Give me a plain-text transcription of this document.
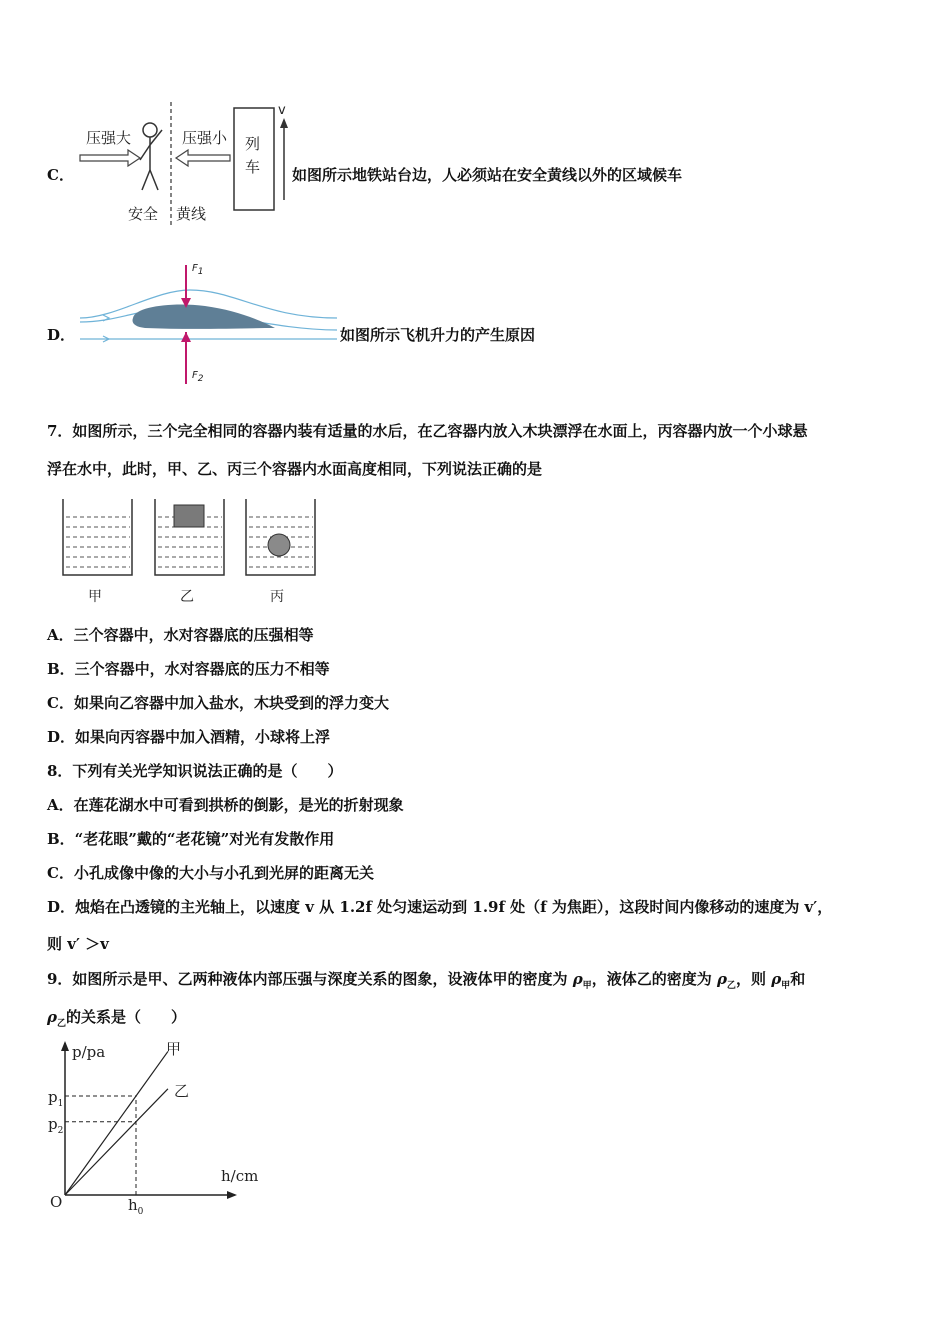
C．
压强大	压强小 列
车
v
安全 黄线
如图所示地铁站台边，人必须站在安全黄线以外的区域候车
D．
$F_1$
$F_2$
如图所示飞机升力的产生原因
7．如图所示，三个完全相同的容器内装有适量的水后，在乙容器内放入木块漂浮在水面上，丙容器内放一个小球悬
浮在水中，此时，甲、乙、丙三个容器内水面高度相同，下列说法正确的是
甲	乙	丙
A．三个容器中，水对容器底的压强相等
B．三个容器中，水对容器底的压力不相等
C．如果向乙容器中加入盐水，木块受到的浮力变大
D．如果向丙容器中加入酒精，小球将上浮
8．下列有关光学知识说法正确的是（　　）
A．在莲花湖水中可看到拱桥的倒影，是光的折射现象
B．“老花眼”戴的“老花镜”对光有发散作用
C．小孔成像中像的大小与小孔到光屏的距离无关
D．烛焰在凸透镜的主光轴上，以速度 v 从 1.2f 处匀速运动到 1.9f 处（f 为焦距），这段时间内像移动的速度为 v′，
则 v′ ＞v
9．如图所示是甲、乙两种液体内部压强与深度关系的图象，设液体甲的密度为 $\rho_甲$，液体乙的密度为 $\rho_乙$，则 $\rho_甲$和
$\rho_乙$的关系是（　　）
p/pa
h/cm
O
$p_1$
$p_2$
$h_0$
甲
乙
